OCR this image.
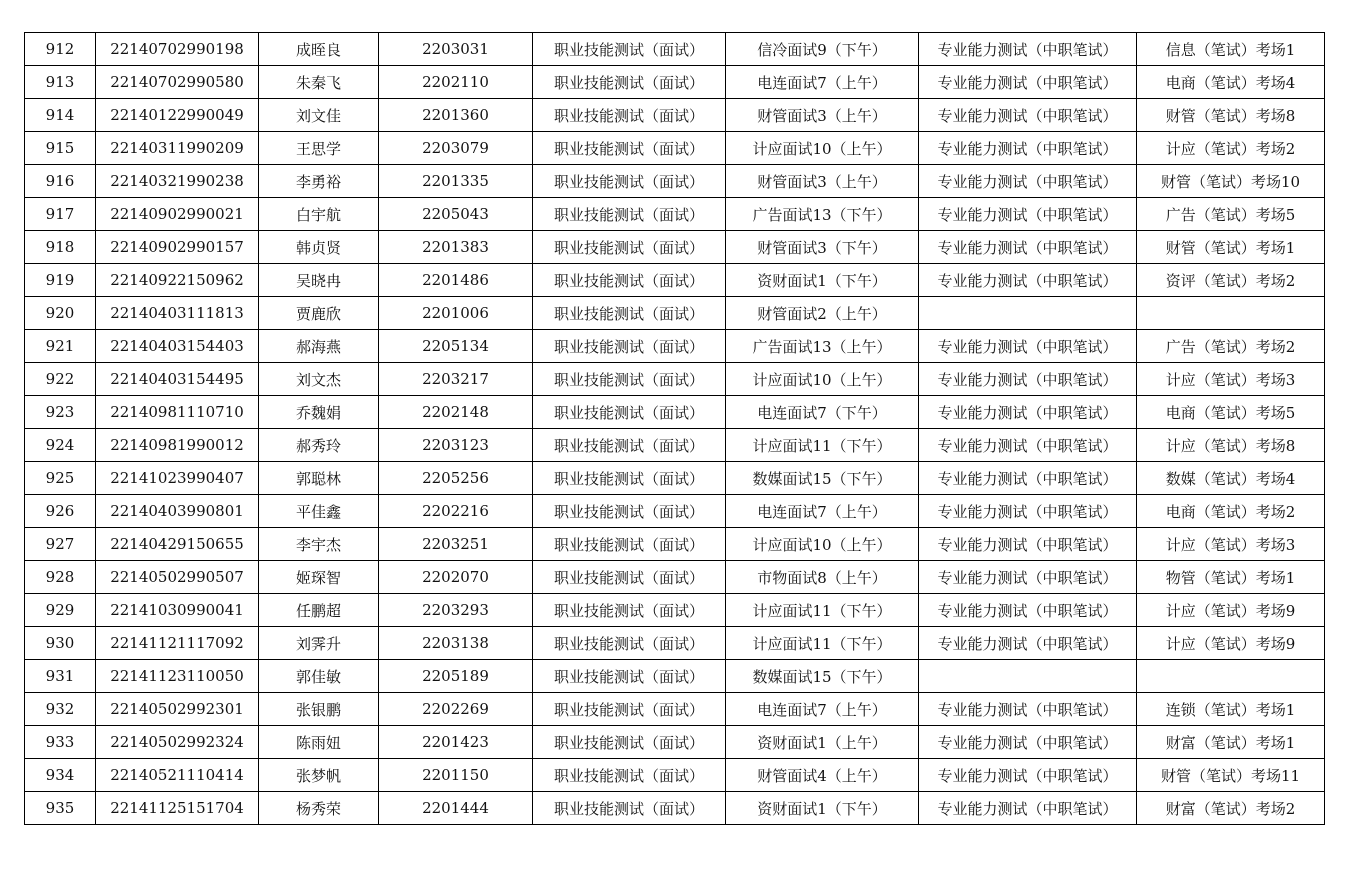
912	22140702990198	成晊良	2203031	职业技能测试（面试）	信冷面试9（下午）	专业能力测试（中职笔试）	信息（笔试）考场1
913	22140702990580	朱秦飞	2202110	职业技能测试（面试）	电连面试7（上午）	专业能力测试（中职笔试）	电商（笔试）考场4
914	22140122990049	刘文佳	2201360	职业技能测试（面试）	财管面试3（上午）	专业能力测试（中职笔试）	财管（笔试）考场8
915	22140311990209	王思学	2203079	职业技能测试（面试）	计应面试10（上午）	专业能力测试（中职笔试）	计应（笔试）考场2
916	22140321990238	李勇裕	2201335	职业技能测试（面试）	财管面试3（上午）	专业能力测试（中职笔试）	财管（笔试）考场10
917	22140902990021	白宇航	2205043	职业技能测试（面试）	广告面试13（下午）	专业能力测试（中职笔试）	广告（笔试）考场5
918	22140902990157	韩贞贤	2201383	职业技能测试（面试）	财管面试3（下午）	专业能力测试（中职笔试）	财管（笔试）考场1
919	22140922150962	吴晓冉	2201486	职业技能测试（面试）	资财面试1（下午）	专业能力测试（中职笔试）	资评（笔试）考场2
920	22140403111813	贾鹿欣	2201006	职业技能测试（面试）	财管面试2（上午）		
921	22140403154403	郝海燕	2205134	职业技能测试（面试）	广告面试13（上午）	专业能力测试（中职笔试）	广告（笔试）考场2
922	22140403154495	刘文杰	2203217	职业技能测试（面试）	计应面试10（上午）	专业能力测试（中职笔试）	计应（笔试）考场3
923	22140981110710	乔魏娟	2202148	职业技能测试（面试）	电连面试7（下午）	专业能力测试（中职笔试）	电商（笔试）考场5
924	22140981990012	郝秀玲	2203123	职业技能测试（面试）	计应面试11（下午）	专业能力测试（中职笔试）	计应（笔试）考场8
925	22141023990407	郭聪林	2205256	职业技能测试（面试）	数媒面试15（下午）	专业能力测试（中职笔试）	数媒（笔试）考场4
926	22140403990801	平佳鑫	2202216	职业技能测试（面试）	电连面试7（上午）	专业能力测试（中职笔试）	电商（笔试）考场2
927	22140429150655	李宇杰	2203251	职业技能测试（面试）	计应面试10（上午）	专业能力测试（中职笔试）	计应（笔试）考场3
928	22140502990507	姬琛智	2202070	职业技能测试（面试）	市物面试8（上午）	专业能力测试（中职笔试）	物管（笔试）考场1
929	22141030990041	任鹏超	2203293	职业技能测试（面试）	计应面试11（下午）	专业能力测试（中职笔试）	计应（笔试）考场9
930	22141121117092	刘霁升	2203138	职业技能测试（面试）	计应面试11（下午）	专业能力测试（中职笔试）	计应（笔试）考场9
931	22141123110050	郭佳敏	2205189	职业技能测试（面试）	数媒面试15（下午）		
932	22140502992301	张银鹏	2202269	职业技能测试（面试）	电连面试7（上午）	专业能力测试（中职笔试）	连锁（笔试）考场1
933	22140502992324	陈雨妞	2201423	职业技能测试（面试）	资财面试1（上午）	专业能力测试（中职笔试）	财富（笔试）考场1
934	22140521110414	张梦帆	2201150	职业技能测试（面试）	财管面试4（上午）	专业能力测试（中职笔试）	财管（笔试）考场11
935	22141125151704	杨秀荣	2201444	职业技能测试（面试）	资财面试1（下午）	专业能力测试（中职笔试）	财富（笔试）考场2
